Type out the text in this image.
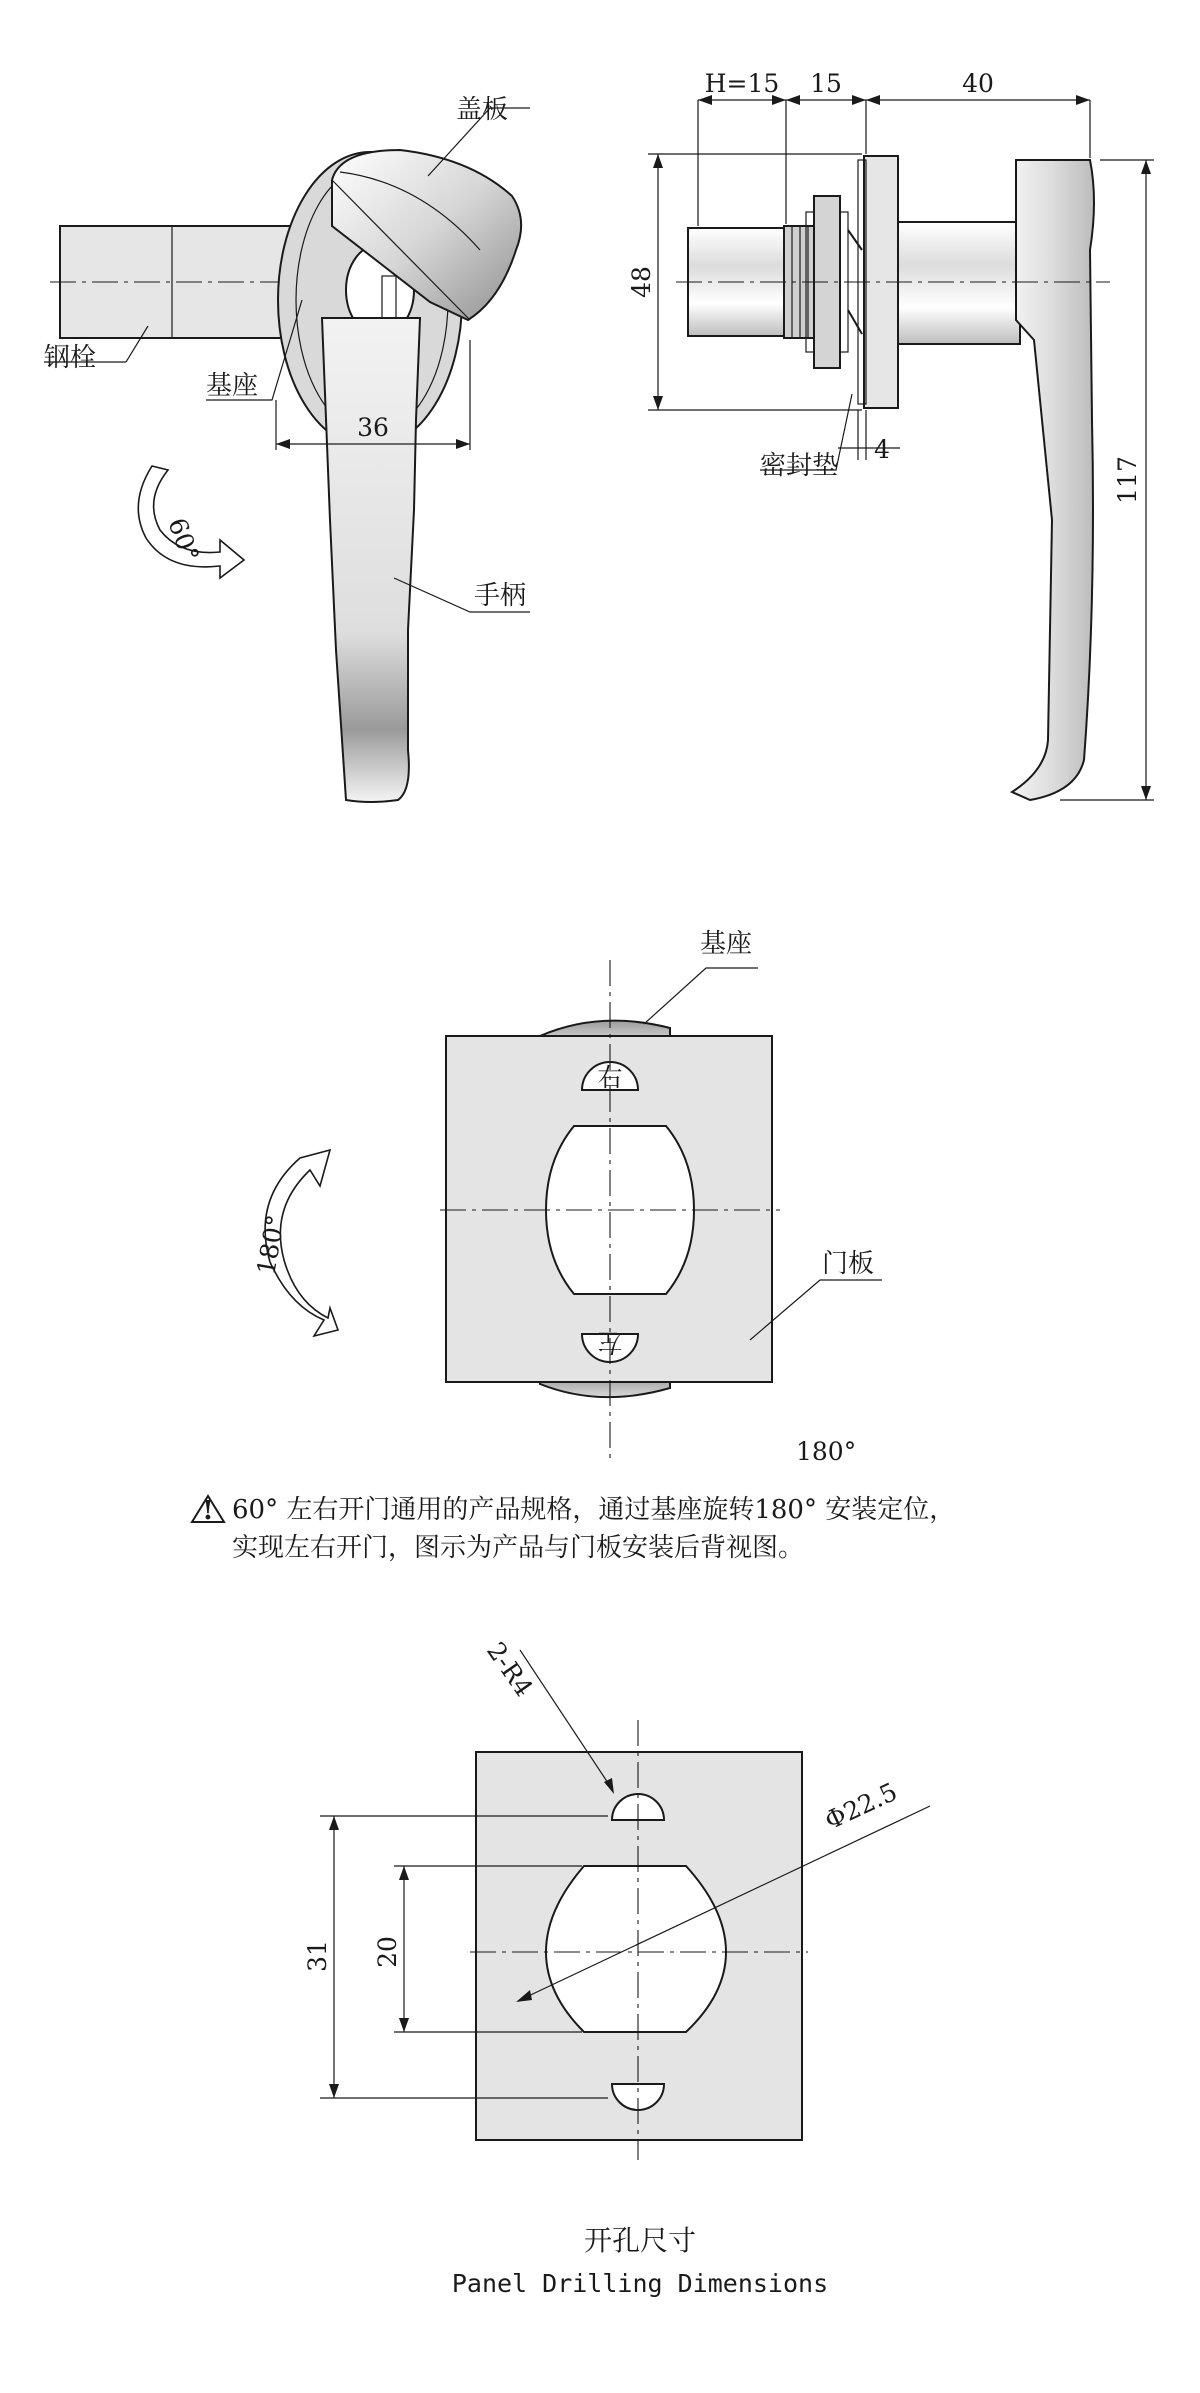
36
盖板
钢栓
基座
手柄
60°
H=15 15	40
48
117
4
密封垫
右
左
基座
门板
180°
180°
! 60° 左右开门通用的产品规格，通过基座旋转180° 安装定位，
实现左右开门，图示为产品与门板安装后背视图。
2-R4
Φ22.5
31 20
开孔尺寸
Panel Drilling Dimensions
